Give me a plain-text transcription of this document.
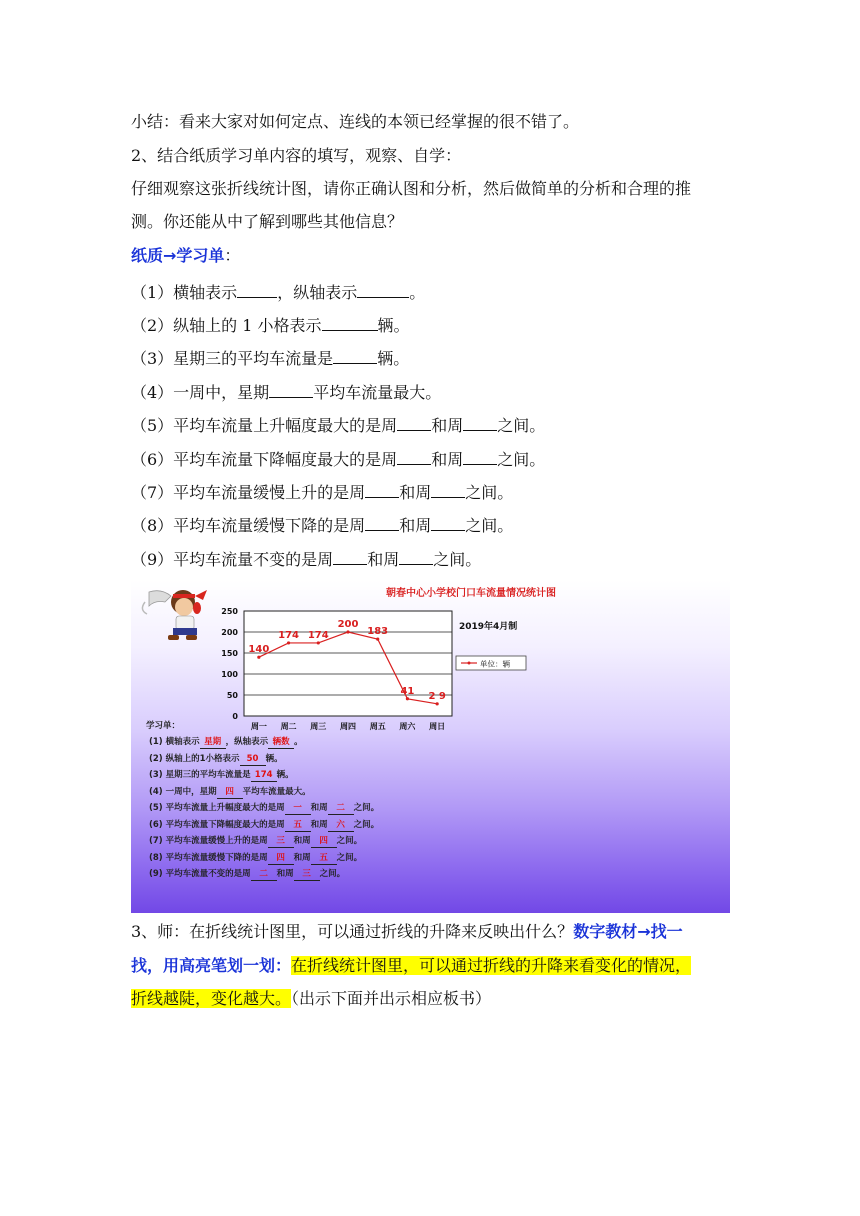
小结：看来大家对如何定点、连线的本领已经掌握的很不错了。
2、结合纸质学习单内容的填写，观察、自学：
仔细观察这张折线统计图，请你正确认图和分析，然后做简单的分析和合理的推
测。你还能从中了解到哪些其他信息？
纸质→学习单：
（1）横轴表示	，纵轴表示	。
（2）纵轴上的 1 小格表示	辆。
（3）星期三的平均车流量是	辆。
（4）一周中，星期	平均车流量最大。
（5）平均车流量上升幅度最大的是周 和周 之间。
（6）平均车流量下降幅度最大的是周 和周 之间。
（7）平均车流量缓慢上升的是周 和周 之间。
（8）平均车流量缓慢下降的是周 和周 之间。
（9）平均车流量不变的是周 和周 之间。
朝春中心小学校门口车流量情况统计图
2019年4月制
单位：辆
0
50
100
150
200
250
周一 周二 周三 周四 周五 周六 周日
140
174 174
200
183
41 2 9
学习单：
(1) 横轴表示 星期 ，纵轴表示 辆数 。
(2) 纵轴上的1小格表示 50 辆。
(3) 星期三的平均车流量是 174 辆。
(4) 一周中，星期 四 平均车流量最大。
(5) 平均车流量上升幅度最大的是周 一 和周 二 之间。
(6) 平均车流量下降幅度最大的是周 五 和周 六 之间。
(7) 平均车流量缓慢上升的是周 三 和周 四 之间。
(8) 平均车流量缓慢下降的是周 四 和周 五 之间。
(9) 平均车流量不变的是周 二 和周 三 之间。
3、师：在折线统计图里，可以通过折线的升降来反映出什么？数字教材→找一
找，用高亮笔划一划：在折线统计图里，可以通过折线的升降来看变化的情况，
折线越陡，变化越大。（出示下面并出示相应板书）
